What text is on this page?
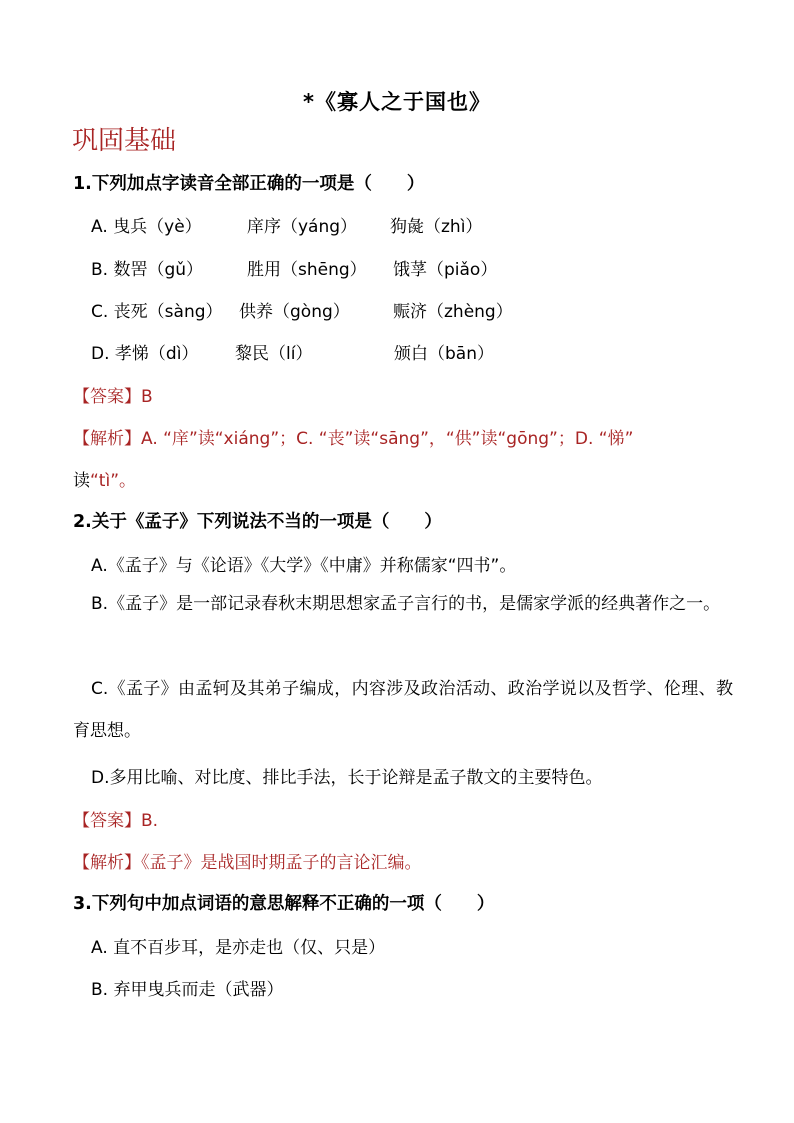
*《寡人之于国也》
巩固基础
1.下列加点字读音全部正确的一项是（　　）
A. 曳兵（yè）	庠序（yáng） 狗彘（zhì）
B. 数罟（gǔ）	胜用（shēng） 饿莩（piǎo）
C. 丧死（sàng） 供养（gòng）	赈济（zhèng）
D. 孝悌（dì） 黎民（lí）	颁白（bān）
【答案】B
【解析】A. “庠”读“xiáng”；C. “丧”读“sāng”，“供”读“gōng”；D. “悌”
读“tì”。
2.关于《孟子》下列说法不当的一项是（　　）
A.《孟子》与《论语》《大学》《中庸》并称儒家“四书”。
B.《孟子》是一部记录春秋末期思想家孟子言行的书，是儒家学派的经典著作之一。
C.《孟子》由孟轲及其弟子编成，内容涉及政治活动、政治学说以及哲学、伦理、教育思想。
D.多用比喻、对比度、排比手法，长于论辩是孟子散文的主要特色。
【答案】B.
【解析】《孟子》是战国时期孟子的言论汇编。
3.下列句中加点词语的意思解释不正确的一项（　　）
A. 直不百步耳，是亦走也（仅、只是）
B. 弃甲曳兵而走（武器）
